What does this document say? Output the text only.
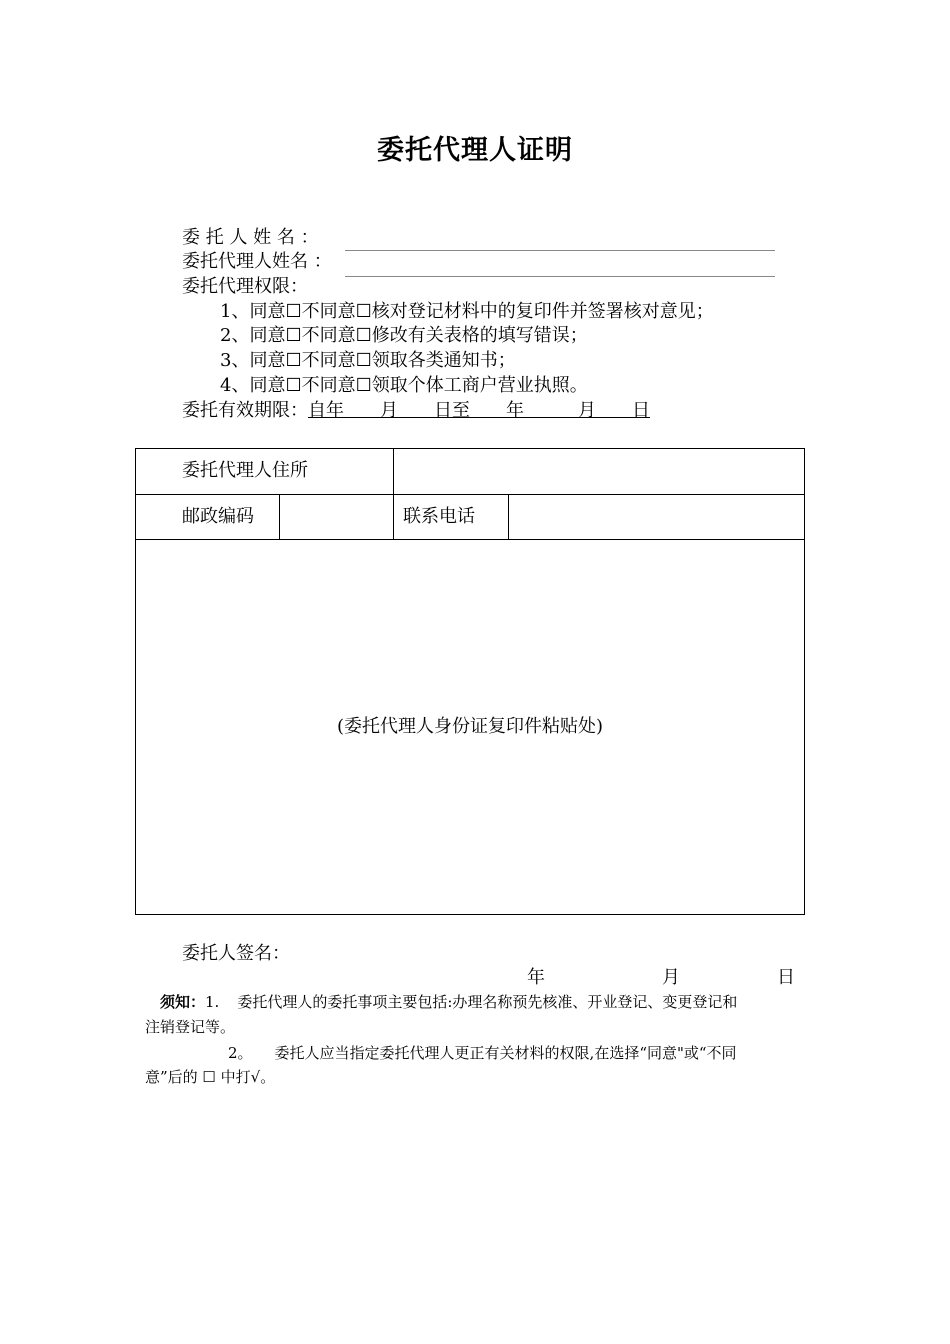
委托代理人证明
委 托 人 姓 名 ：
委托代理人姓名 ：
委托代理权限：
1、同意☐不同意☐核对登记材料中的复印件并签署核对意见；
2、同意☐不同意☐修改有关表格的填写错误；
3、同意☐不同意☐领取各类通知书；
4、同意☐不同意☐领取个体工商户营业执照。
委托有效期限：自年　　月　　日至　　年　　　月　　日
委托代理人住所
邮政编码	联系电话
(委托代理人身份证复印件粘贴处)
委托人签名：
年	月	日
须知：1. 委托代理人的委托事项主要包括:办理名称预先核准、开业登记、变更登记和
注销登记等。
2。 委托人应当指定委托代理人更正有关材料的权限,在选择“同意"或“不同
意”后的 ☐ 中打√。
